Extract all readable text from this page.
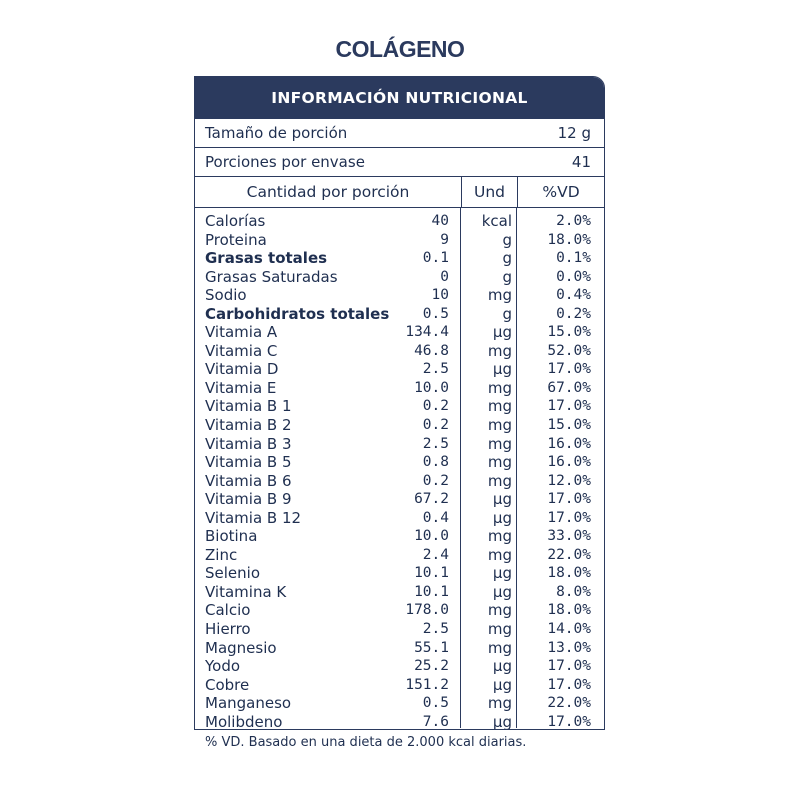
COLÁGENO
INFORMACIÓN NUTRICIONAL
Tamaño de porción	12 g
Porciones por envase	41
Cantidad por porción	Und	%VD
Calorías	40	kcal	2.0%
Proteina	9	g	18.0%
Grasas totales	0.1	g	0.1%
Grasas Saturadas	0	g	0.0%
Sodio	10	mg	0.4%
Carbohidratos totales	0.5	g	0.2%
Vitamia A	134.4	µg	15.0%
Vitamia C	46.8	mg	52.0%
Vitamia D	2.5	µg	17.0%
Vitamia E	10.0	mg	67.0%
Vitamia B 1	0.2	mg	17.0%
Vitamia B 2	0.2	mg	15.0%
Vitamia B 3	2.5	mg	16.0%
Vitamia B 5	0.8	mg	16.0%
Vitamia B 6	0.2	mg	12.0%
Vitamia B 9	67.2	µg	17.0%
Vitamia B 12	0.4	µg	17.0%
Biotina	10.0	mg	33.0%
Zinc	2.4	mg	22.0%
Selenio	10.1	µg	18.0%
Vitamina K	10.1	µg	8.0%
Calcio	178.0	mg	18.0%
Hierro	2.5	mg	14.0%
Magnesio	55.1	mg	13.0%
Yodo	25.2	µg	17.0%
Cobre	151.2	µg	17.0%
Manganeso	0.5	mg	22.0%
Molibdeno	7.6	µg	17.0%
% VD. Basado en una dieta de 2.000 kcal diarias.
